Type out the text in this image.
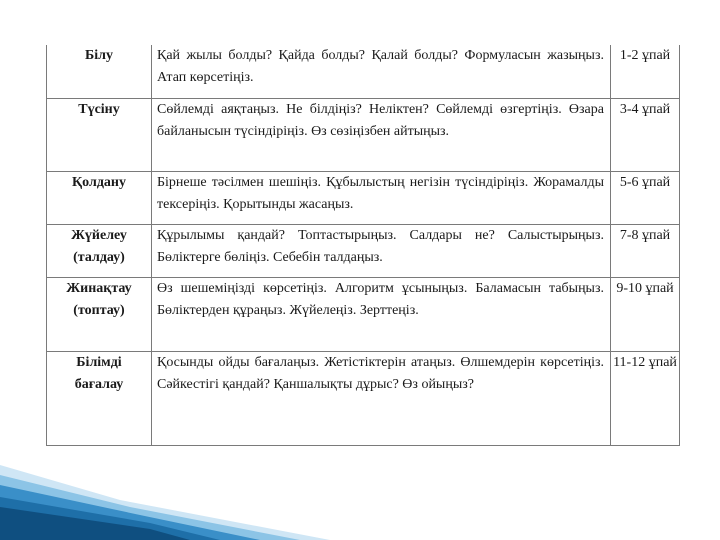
Білу	Қай жылы болды? Қайда болды? Қалай болды? Формуласын жазыңыз. Атап көрсетіңіз.	1-2 ұпай

Түсіну	Сөйлемді аяқтаңыз. Не білдіңіз? Неліктен? Сөйлемді өзгертіңіз. Өзара байланысын түсіндіріңіз. Өз сөзіңізбен айтыңыз.	3-4 ұпай

Қолдану	Бірнеше тәсілмен шешіңіз. Құбылыстың негізін түсіндіріңіз. Жорамалды тексеріңіз. Қорытынды жасаңыз.	5-6 ұпай

Жүйелеу (талдау)	Құрылымы қандай? Топтастырыңыз. Салдары не? Салыстырыңыз. Бөліктерге бөліңіз. Себебін талдаңыз.	7-8 ұпай

Жинақтау (топтау)	Өз шешеміңізді көрсетіңіз. Алгоритм ұсыныңыз. Баламасын табыңыз. Бөліктерден құраңыз. Жүйелеңіз. Зерттеңіз.	9-10 ұпай

Білімді бағалау	Қосынды ойды бағалаңыз. Жетістіктерін атаңыз. Өлшемдерін көрсетіңіз. Сәйкестігі қандай? Қаншалықты дұрыс? Өз ойыңыз?	11-12 ұпай
